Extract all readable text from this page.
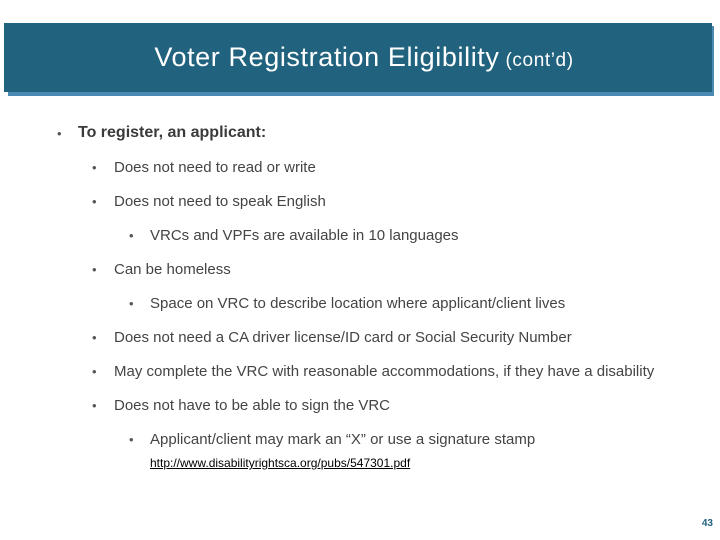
Voter Registration Eligibility (cont’d)
• To register, an applicant:
• Does not need to read or write
• Does not need to speak English
• VRCs and VPFs are available in 10 languages
• Can be homeless
• Space on VRC to describe location where applicant/client lives
• Does not need a CA driver license/ID card or Social Security Number
• May complete the VRC with reasonable accommodations, if they have a disability
• Does not have to be able to sign the VRC
• Applicant/client may mark an “X” or use a signature stamp
http://www.disabilityrightsca.org/pubs/547301.pdf
43
